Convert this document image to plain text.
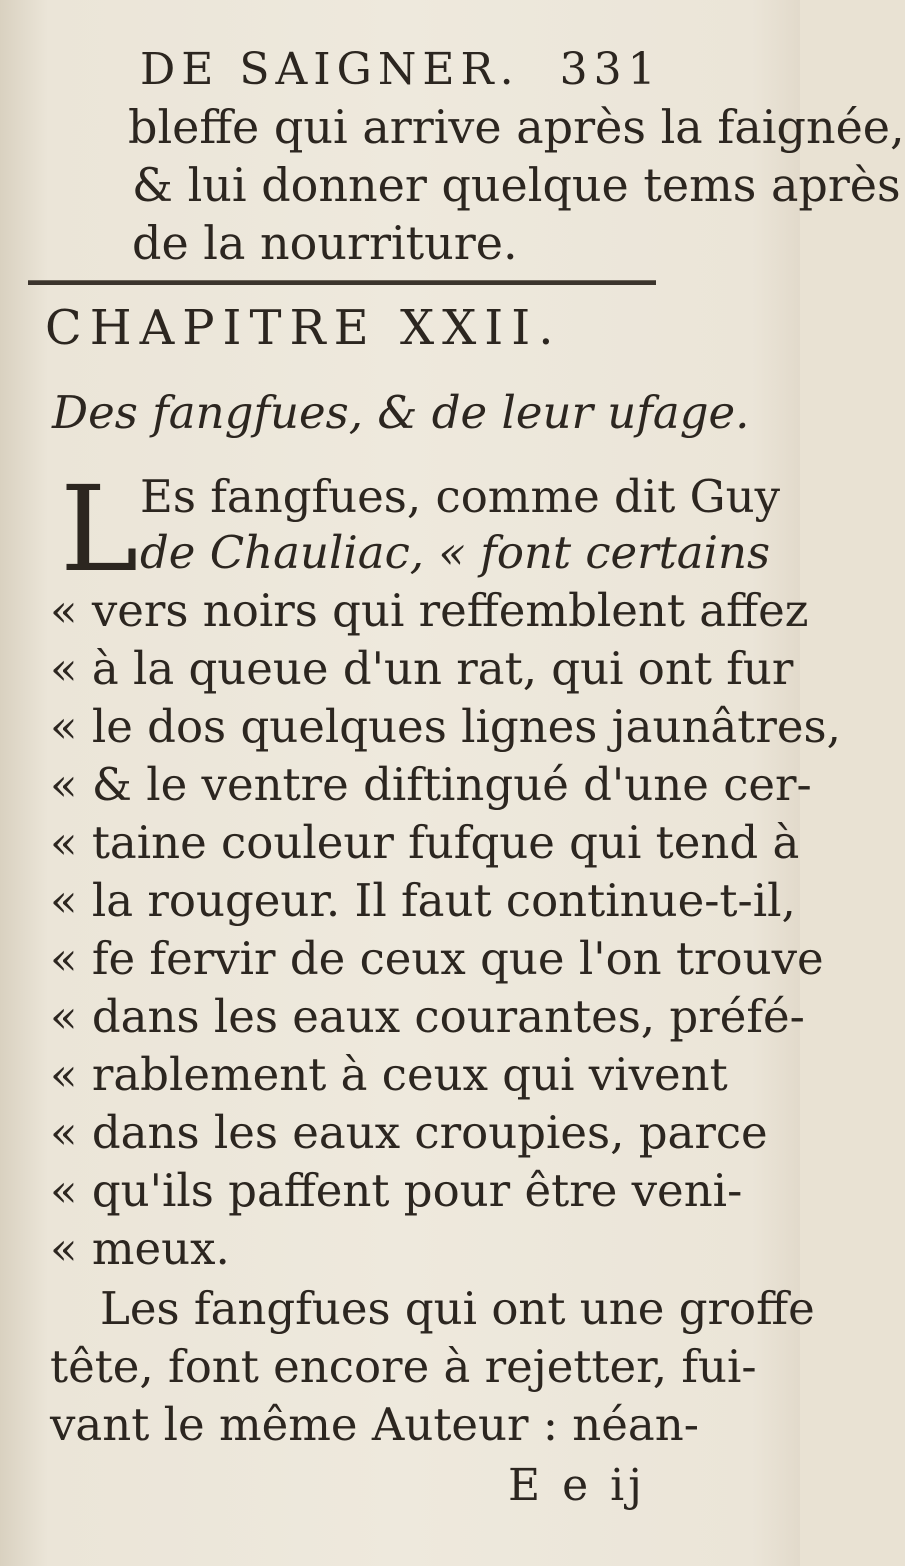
DE SAIGNER. 331
bleffe qui arrive après la faignée,
& lui donner quelque tems après
de la nourriture.
CHAPITRE XXII.
Des fangfues, & de leur ufage.
L Es fangfues, comme dit Guy
de Chauliac, « font certains
« vers noirs qui reffemblent affez
« à la queue d'un rat, qui ont fur
« le dos quelques lignes jaunâtres,
« & le ventre diftingué d'une cer-
« taine couleur fufque qui tend à
« la rougeur. Il faut continue-t-il,
« fe fervir de ceux que l'on trouve
« dans les eaux courantes, préfé-
« rablement à ceux qui vivent
« dans les eaux croupies, parce
« qu'ils paffent pour être veni-
« meux.
Les fangfues qui ont une groffe
tête, font encore à rejetter, fui-
vant le même Auteur : néan-
E e ij
